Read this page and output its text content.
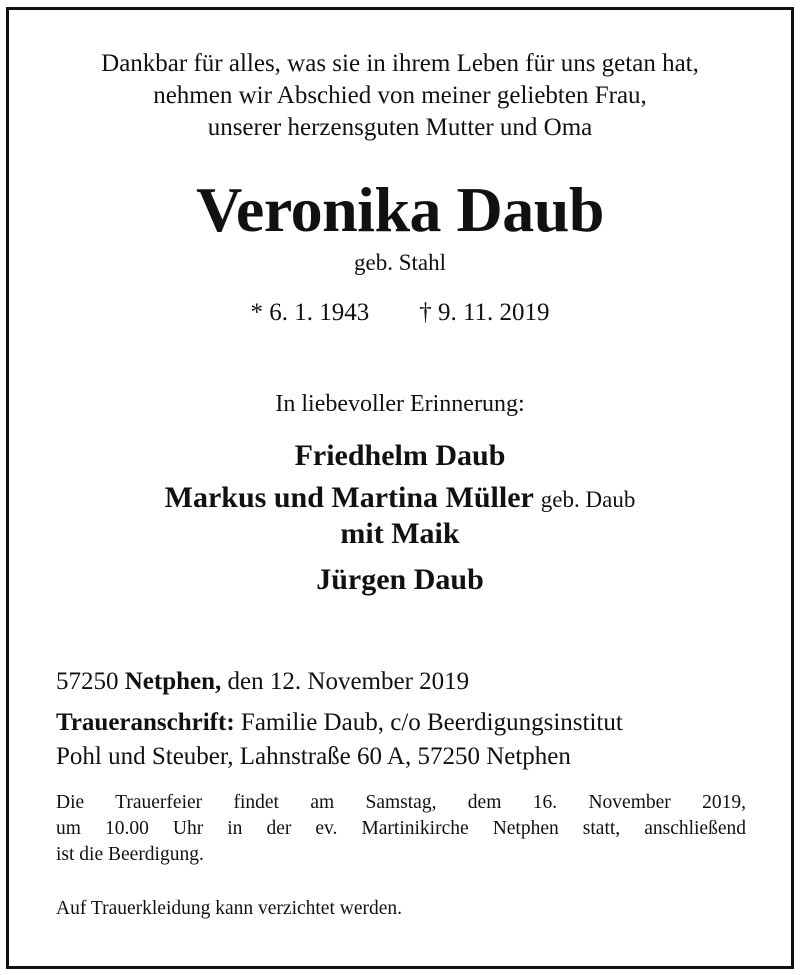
Dankbar für alles, was sie in ihrem Leben für uns getan hat,
nehmen wir Abschied von meiner geliebten Frau,
unserer herzensguten Mutter und Oma
Veronika Daub
geb. Stahl
* 6. 1. 1943 † 9. 11. 2019
In liebevoller Erinnerung:
Friedhelm Daub
Markus und Martina Müller geb. Daub
mit Maik
Jürgen Daub
57250 Netphen, den 12. November 2019
Traueranschrift: Familie Daub, c/o Beerdigungsinstitut
Pohl und Steuber, Lahnstraße 60 A, 57250 Netphen
Die Trauerfeier findet am Samstag, dem 16. November 2019,
um 10.00 Uhr in der ev. Martinikirche Netphen statt, anschließend
ist die Beerdigung.
Auf Trauerkleidung kann verzichtet werden.
